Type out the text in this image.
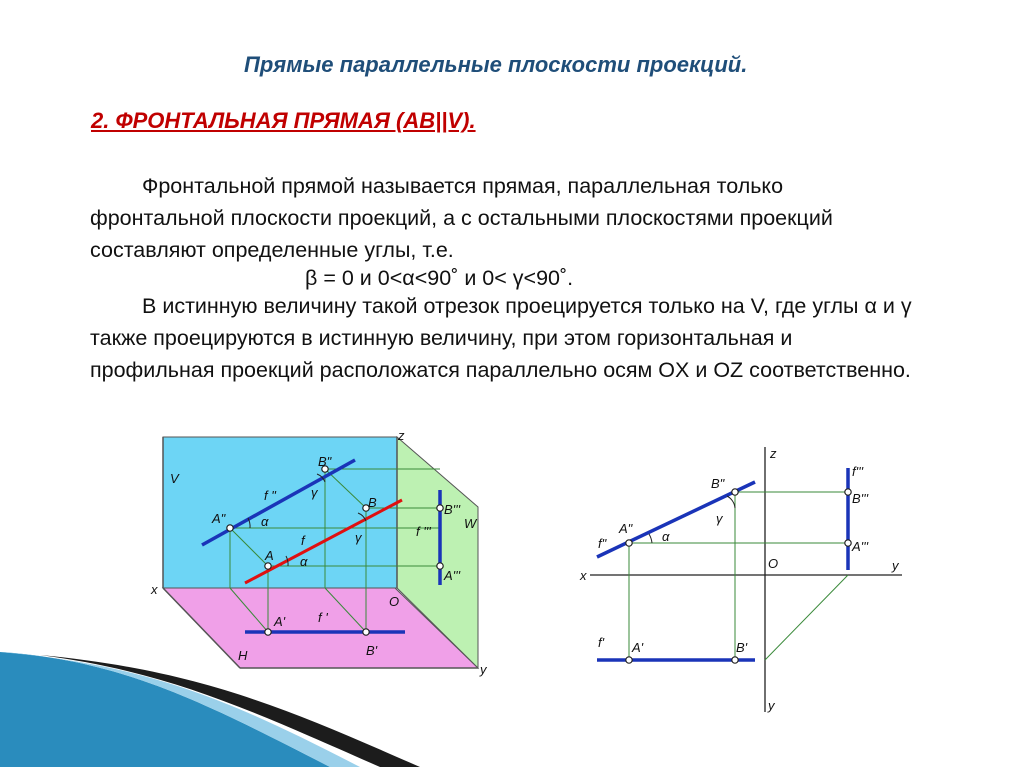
Прямые параллельные плоскости проекций.
2. ФРОНТАЛЬНАЯ ПРЯМАЯ (AB||V).
Фронтальной прямой называется прямая, параллельная только фронтальной плоскости проекций, а с остальными плоскостями проекций составляют определенные углы, т.е.
β = 0 и 0<α<90˚ и 0< γ<90˚.
В истинную величину такой отрезок проецируется только на V, где углы α и γ также проецируются в истинную величину, при этом горизонтальная и профильная проекций расположатся параллельно осям OX и OZ соответственно.
z
V
W
H
x
y
O
B"
A"
f "	B
A
f
B'''
A'''
f '''
A'
B'
f '
α
α
γ
γ
z
y
y
x
O
B"
A"
f"
f'''
B'''
A'''
f' A'	B'
α
γ
